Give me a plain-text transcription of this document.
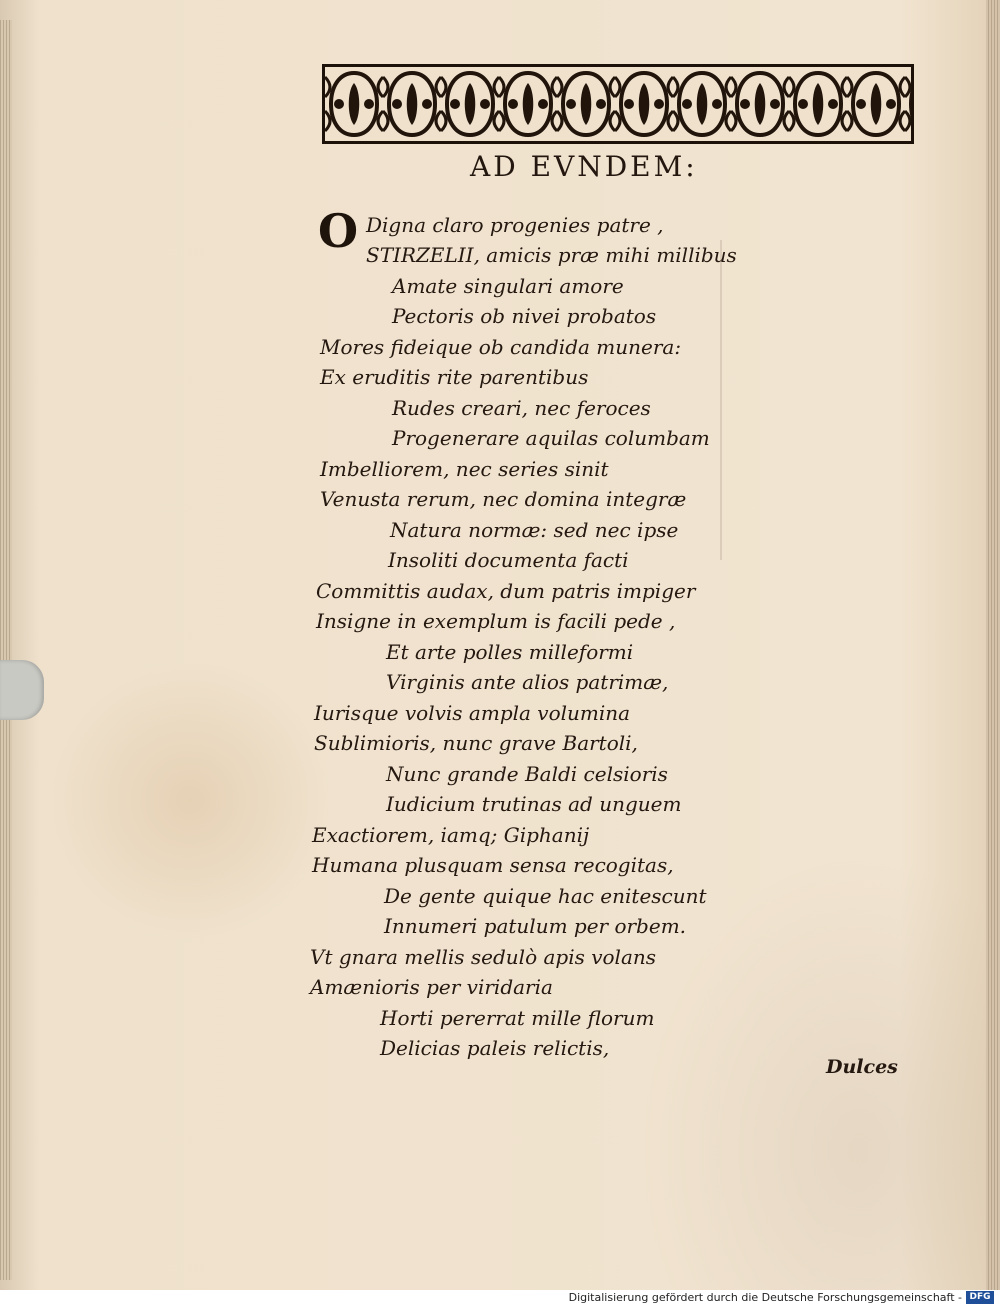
AD EVNDEM:
O Digna claro progenies patre ,
STIRZELII, amicis præ mihi millibus
Amate singulari amore
Pectoris ob nivei probatos
Mores fideique ob candida munera:
Ex eruditis rite parentibus
Rudes creari, nec feroces
Progenerare aquilas columbam
Imbelliorem, nec series sinit
Venusta rerum, nec domina integræ
Natura normæ: sed nec ipse
Insoliti documenta facti
Committis audax, dum patris impiger
Insigne in exemplum is facili pede ,
Et arte polles milleformi
Virginis ante alios patrimæ,
Iurisque volvis ampla volumina
Sublimioris, nunc grave Bartoli,
Nunc grande Baldi celsioris
Iudicium trutinas ad unguem
Exactiorem, iamq; Giphanij
Humana plusquam sensa recogitas,
De gente quique hac enitescunt
Innumeri patulum per orbem.
Vt gnara mellis sedulò apis volans
Amænioris per viridaria
Horti pererrat mille florum
Delicias paleis relictis,
Dulces
Digitalisierung gefördert durch die Deutsche Forschungsgemeinschaft - DFG
